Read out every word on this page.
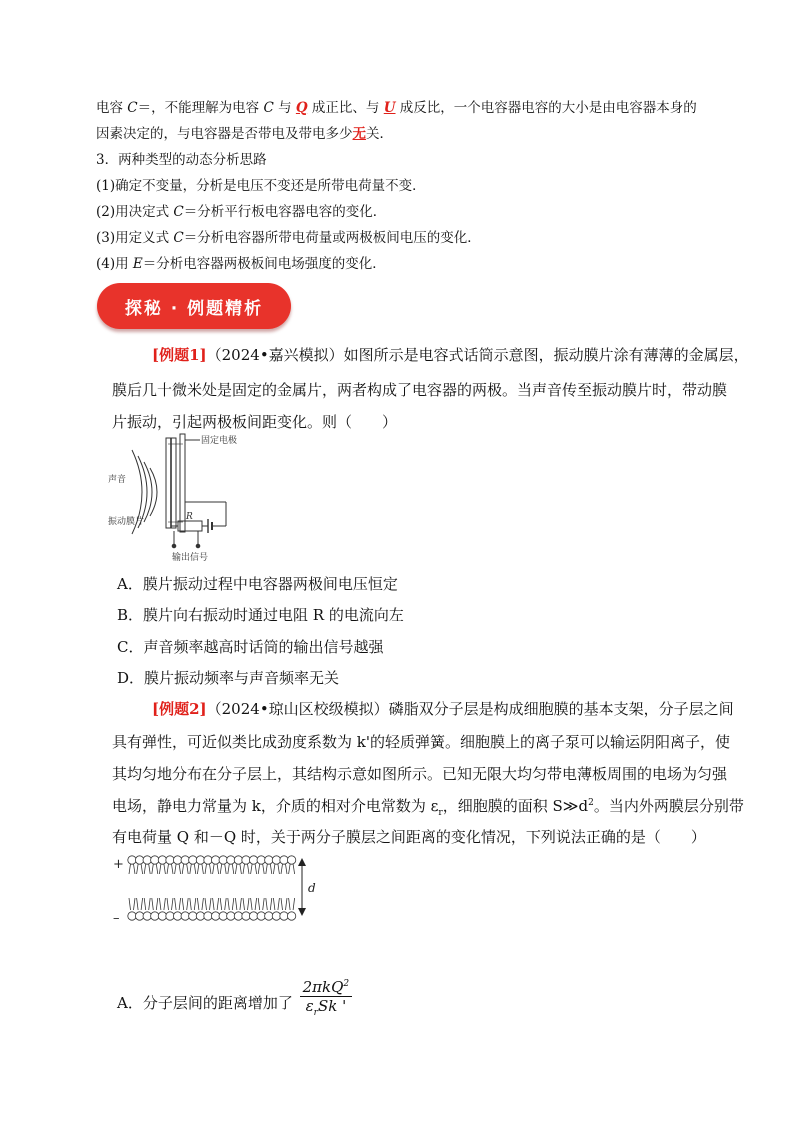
电容 C＝，不能理解为电容 C 与 Q 成正比、与 U 成反比，一个电容器电容的大小是由电容器本身的
因素决定的，与电容器是否带电及带电多少无关．
3．两种类型的动态分析思路
(1)确定不变量，分析是电压不变还是所带电荷量不变．
(2)用决定式 C＝分析平行板电容器电容的变化．
(3)用定义式 C＝分析电容器所带电荷量或两极板间电压的变化．
(4)用 E＝分析电容器两极板间电场强度的变化．
探秘 · 例题精析
[例题1]（2024•嘉兴模拟）如图所示是电容式话筒示意图，振动膜片涂有薄薄的金属层，
膜后几十微米处是固定的金属片，两者构成了电容器的两极。当声音传至振动膜片时，带动膜
片振动，引起两极板间距变化。则（　　）
固定电极
声音
振动膜片	R
输出信号
A．膜片振动过程中电容器两极间电压恒定
B．膜片向右振动时通过电阻 R 的电流向左
C．声音频率越高时话筒的输出信号越强
D．膜片振动频率与声音频率无关
[例题2]（2024•琼山区校级模拟）磷脂双分子层是构成细胞膜的基本支架，分子层之间
具有弹性，可近似类比成劲度系数为 k'的轻质弹簧。细胞膜上的离子泵可以输运阴阳离子，使
其均匀地分布在分子层上，其结构示意如图所示。已知无限大均匀带电薄板周围的电场为匀强
电场，静电力常量为 k，介质的相对介电常数为 $\varepsilon_r$，细胞膜的面积 $S≫d^2$。当内外两膜层分别带
有电荷量 Q 和－Q 时，关于两分子膜层之间距离的变化情况，下列说法正确的是（　　）
+
–
d
A．分子层间的距离增加了 $\frac{2\pi kQ^2}{\varepsilon_rSk '}$
